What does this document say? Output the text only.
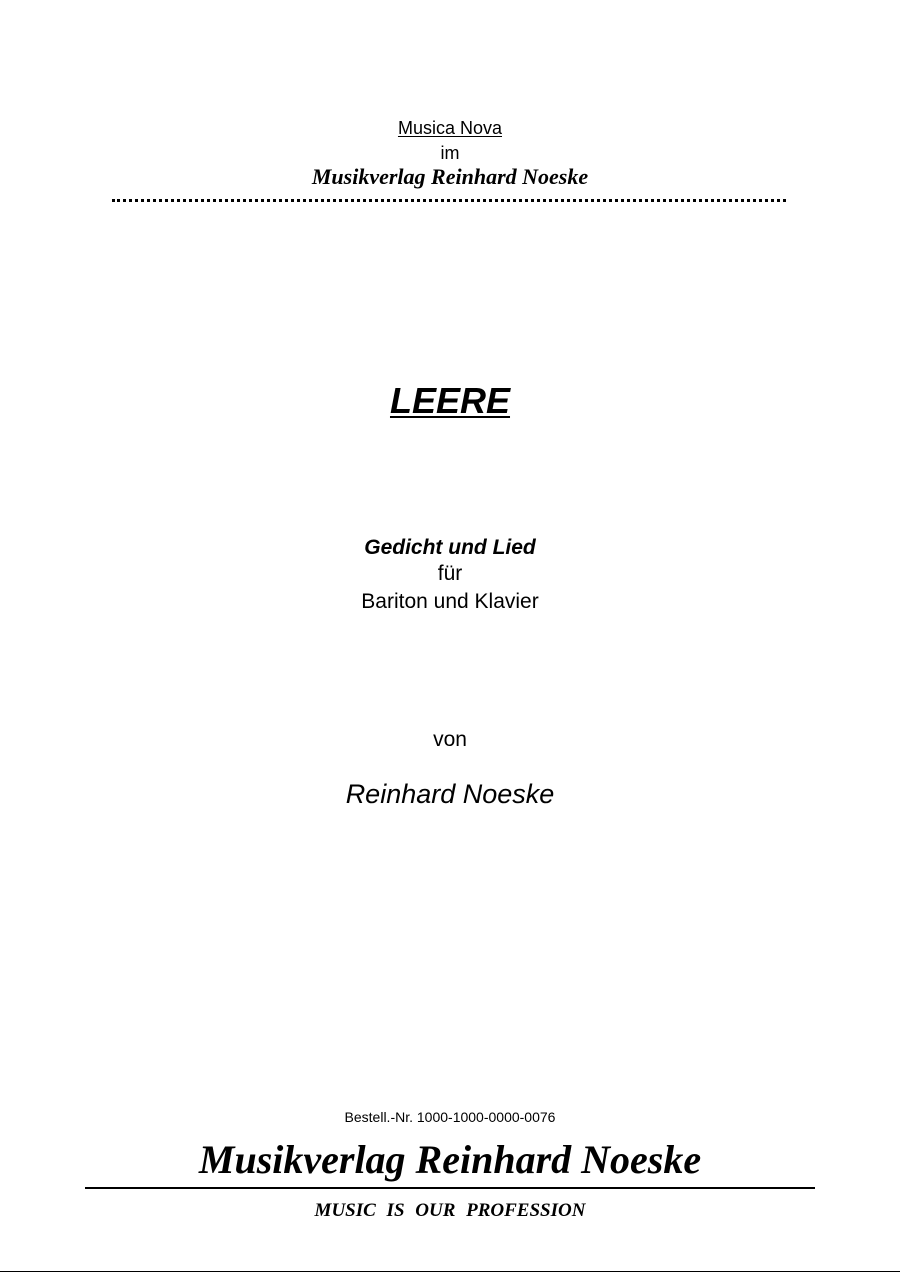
Musica Nova
im
Musikverlag Reinhard Noeske
LEERE
Gedicht und Lied
für
Bariton und Klavier
von
Reinhard Noeske
Bestell.-Nr. 1000-1000-0000-0076
Musikverlag Reinhard Noeske
MUSIC IS OUR PROFESSION
